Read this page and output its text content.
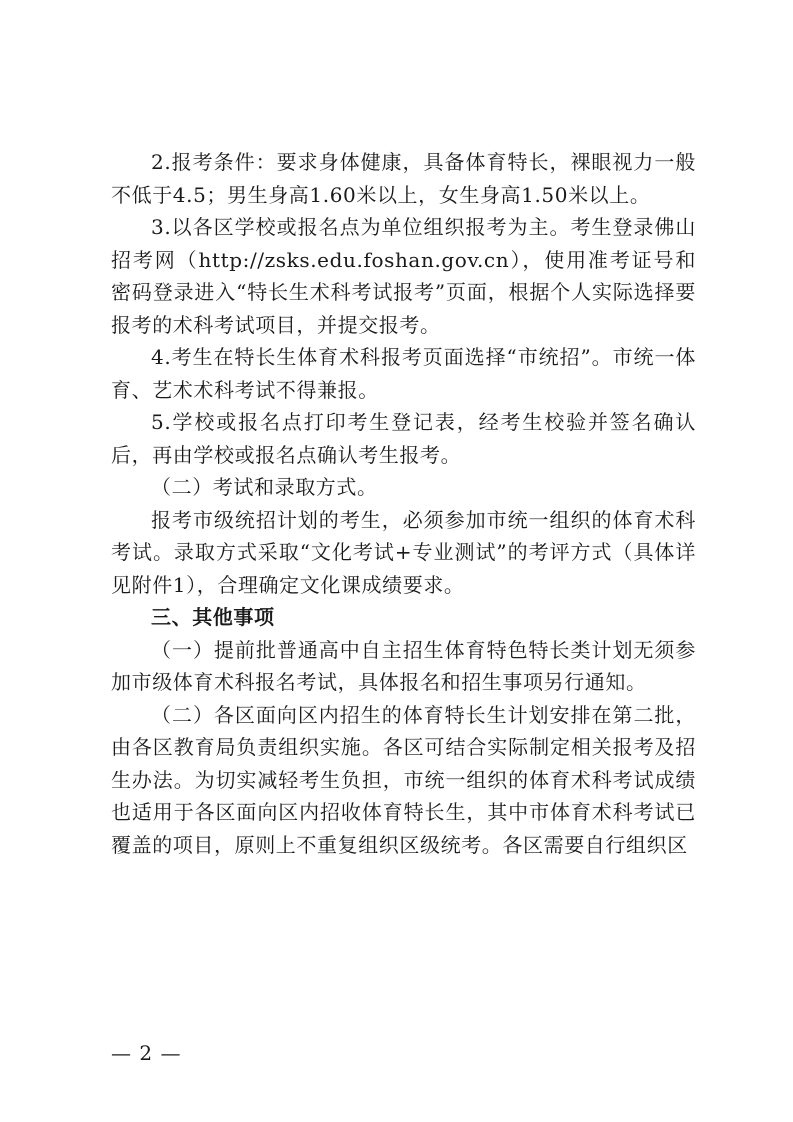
2.报考条件：要求身体健康，具备体育特长，裸眼视力一般不低于4.5；男生身高1.60米以上，女生身高1.50米以上。

3.以各区学校或报名点为单位组织报考为主。考生登录佛山招考网（http://zsks.edu.foshan.gov.cn），使用准考证号和密码登录进入“特长生术科考试报考”页面，根据个人实际选择要报考的术科考试项目，并提交报考。

4.考生在特长生体育术科报考页面选择“市统招”。市统一体育、艺术术科考试不得兼报。

5.学校或报名点打印考生登记表，经考生校验并签名确认后，再由学校或报名点确认考生报考。

（二）考试和录取方式。

报考市级统招计划的考生，必须参加市统一组织的体育术科考试。录取方式采取“文化考试+专业测试”的考评方式（具体详见附件1），合理确定文化课成绩要求。

三、其他事项

（一）提前批普通高中自主招生体育特色特长类计划无须参加市级体育术科报名考试，具体报名和招生事项另行通知。

（二）各区面向区内招生的体育特长生计划安排在第二批，由各区教育局负责组织实施。各区可结合实际制定相关报考及招生办法。为切实减轻考生负担，市统一组织的体育术科考试成绩也适用于各区面向区内招收体育特长生，其中市体育术科考试已覆盖的项目，原则上不重复组织区级统考。各区需要自行组织区

— 2 —
